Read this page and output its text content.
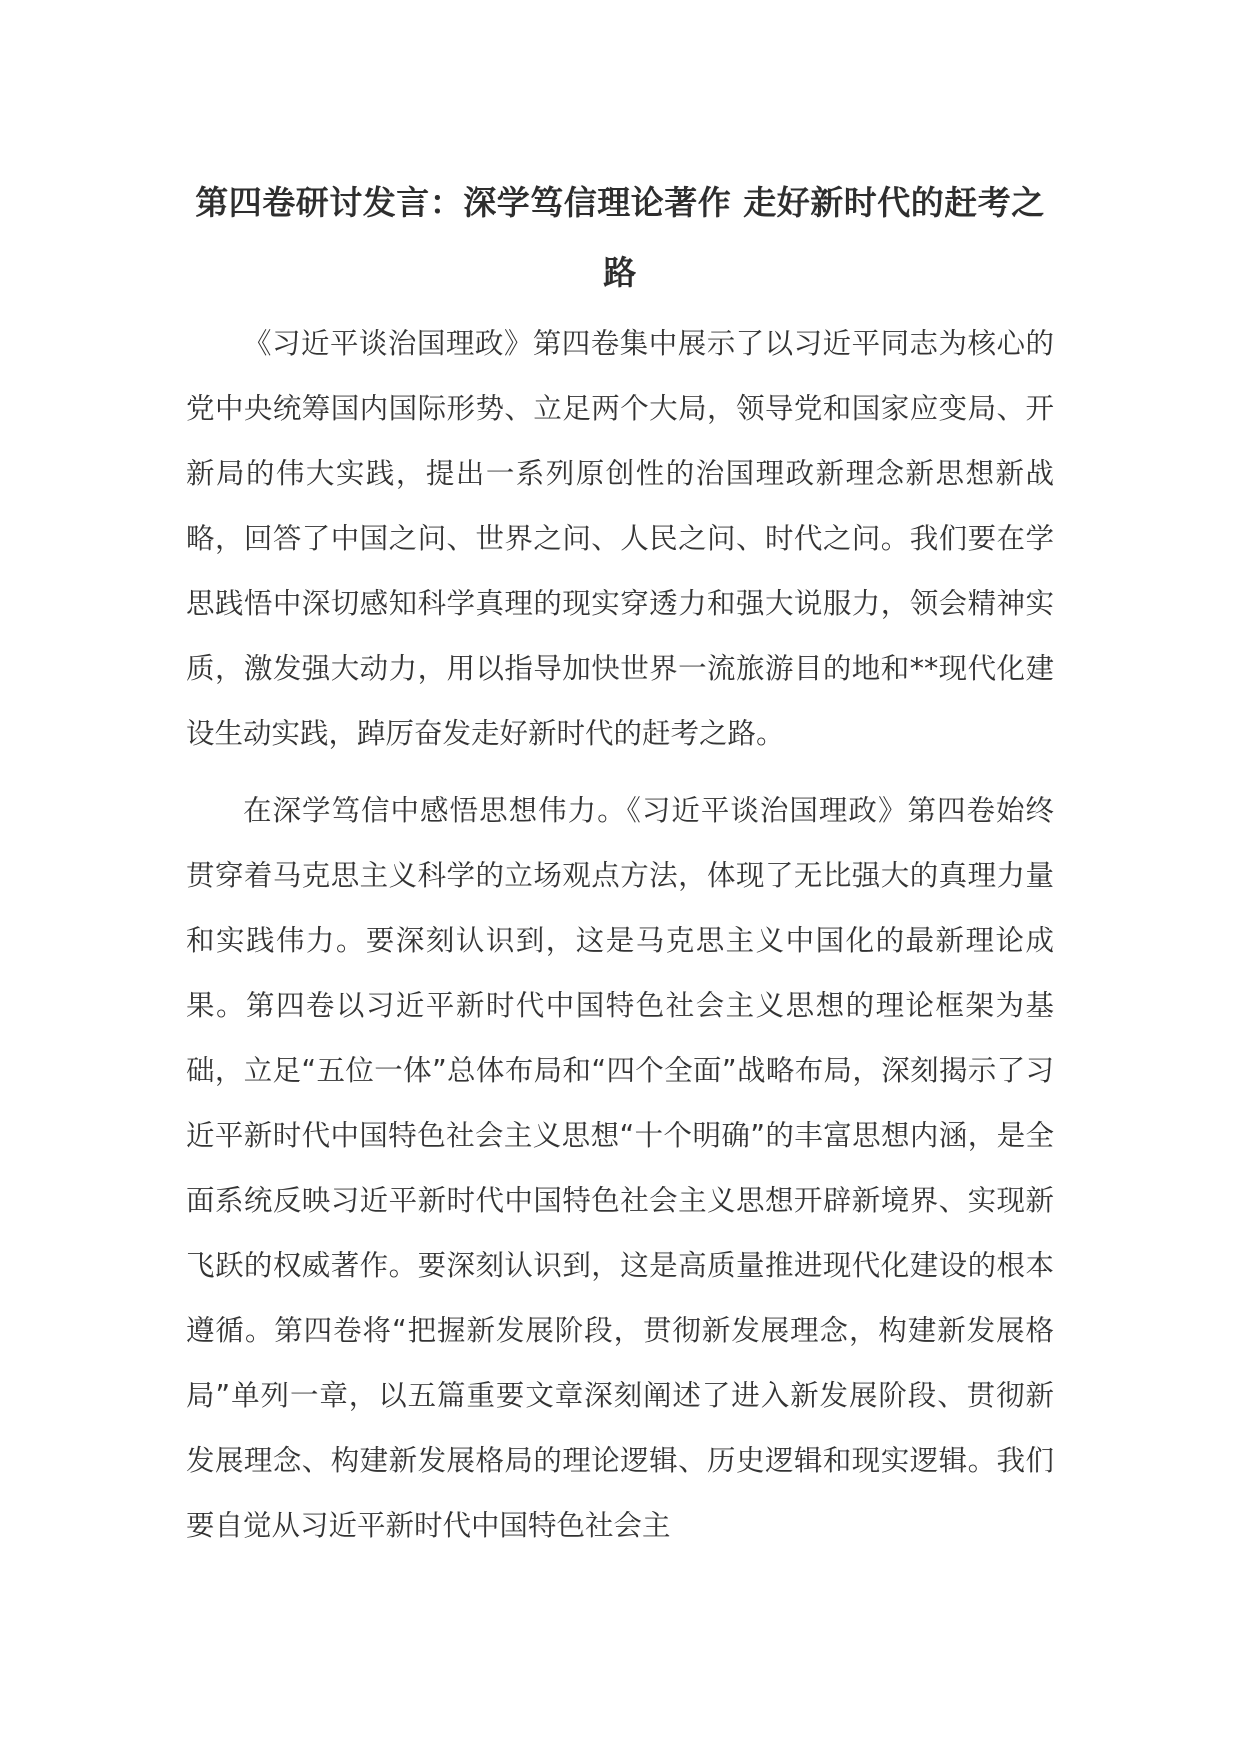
第四卷研讨发言：深学笃信理论著作 走好新时代的赶考之路

《习近平谈治国理政》第四卷集中展示了以习近平同志为核心的党中央统筹国内国际形势、立足两个大局，领导党和国家应变局、开新局的伟大实践，提出一系列原创性的治国理政新理念新思想新战略，回答了中国之问、世界之问、人民之问、时代之问。我们要在学思践悟中深切感知科学真理的现实穿透力和强大说服力，领会精神实质，激发强大动力，用以指导加快世界一流旅游目的地和**现代化建设生动实践，踔厉奋发走好新时代的赶考之路。

在深学笃信中感悟思想伟力。《习近平谈治国理政》第四卷始终贯穿着马克思主义科学的立场观点方法，体现了无比强大的真理力量和实践伟力。要深刻认识到，这是马克思主义中国化的最新理论成果。第四卷以习近平新时代中国特色社会主义思想的理论框架为基础，立足“五位一体”总体布局和“四个全面”战略布局，深刻揭示了习近平新时代中国特色社会主义思想“十个明确”的丰富思想内涵，是全面系统反映习近平新时代中国特色社会主义思想开辟新境界、实现新飞跃的权威著作。要深刻认识到，这是高质量推进现代化建设的根本遵循。第四卷将“把握新发展阶段，贯彻新发展理念，构建新发展格局”单列一章，以五篇重要文章深刻阐述了进入新发展阶段、贯彻新发展理念、构建新发展格局的理论逻辑、历史逻辑和现实逻辑。我们要自觉从习近平新时代中国特色社会主
